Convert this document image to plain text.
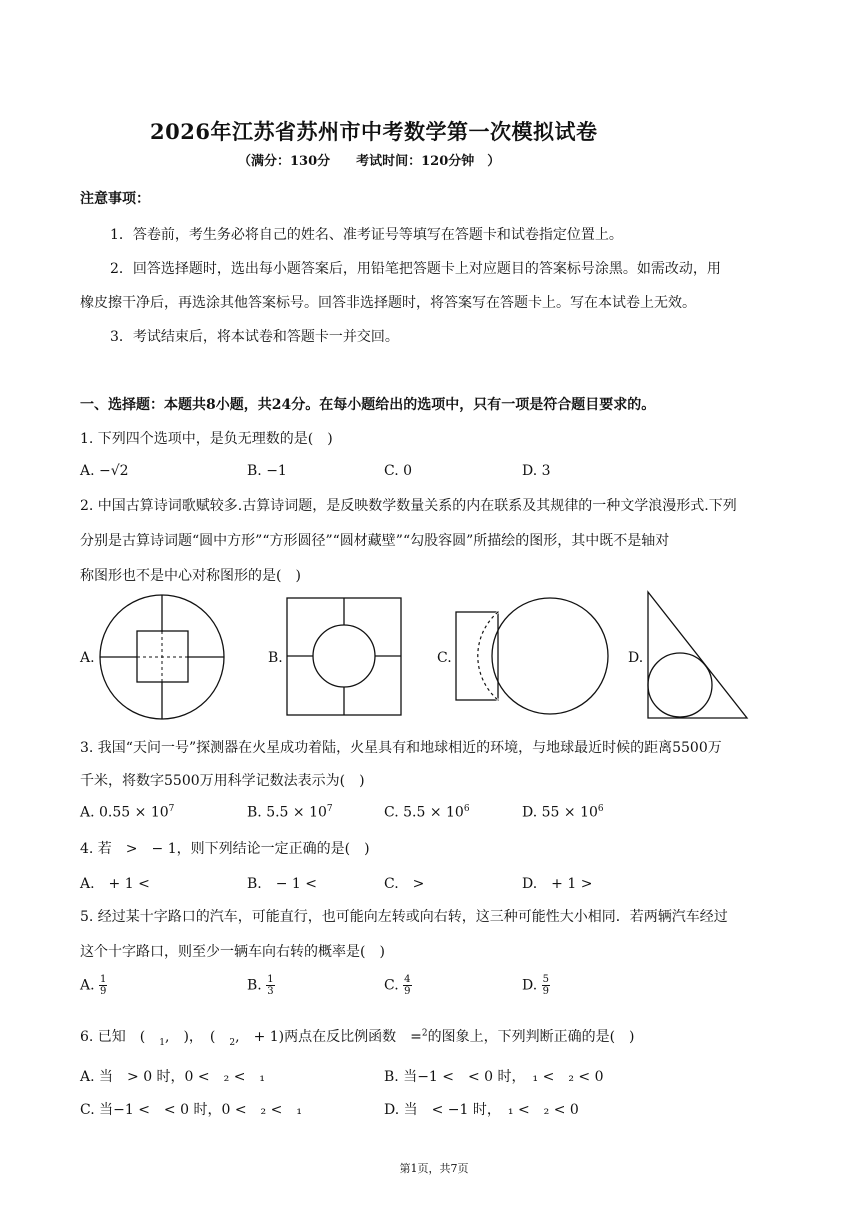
2026年江苏省苏州市中考数学第一次模拟试卷
（满分：130分　　考试时间：120分钟　）
注意事项：
1．答卷前，考生务必将自己的姓名、准考证号等填写在答题卡和试卷指定位置上。
2．回答选择题时，选出每小题答案后，用铅笔把答题卡上对应题目的答案标号涂黑。如需改动，用
橡皮擦干净后，再选涂其他答案标号。回答非选择题时，将答案写在答题卡上。写在本试卷上无效。
3．考试结束后，将本试卷和答题卡一并交回。
一、选择题：本题共8小题，共24分。在每小题给出的选项中，只有一项是符合题目要求的。
1. 下列四个选项中，是负无理数的是(　)
A. −√2	B. −1	C. 0	D. 3
2. 中国古算诗词歌赋较多.古算诗词题，是反映数学数量关系的内在联系及其规律的一种文学浪漫形式.下列
分别是古算诗词题“圆中方形”“方形圆径”“圆材藏壁”“勾股容圆”所描绘的图形，其中既不是轴对
称图形也不是中心对称图形的是(　)
A.	B.	C.	D.
3. 我国“天问一号”探测器在火星成功着陆，火星具有和地球相近的环境，与地球最近时候的距离5500万
千米，将数字5500万用科学记数法表示为(　)
A. $0.55 \times 10^7$	B. $5.5 \times 10^7$	C. $5.5 \times 10^6$	D. $55 \times 10^6$
4. 若　>　− 1，则下列结论一定正确的是(　)
A.　+ 1 <	B.　− 1 <	C.　>	D.　+ 1 >
5. 经过某十字路口的汽车，可能直行，也可能向左转或向右转，这三种可能性大小相同．若两辆汽车经过
这个十字路口，则至少一辆车向右转的概率是(　)
A. $\frac{1}{9}$	B. $\frac{1}{3}$	C. $\frac{4}{9}$	D. $\frac{5}{9}$
6. 已知　(　$_1$,　)，　(　$_2$,　+ 1)两点在反比例函数　=$^2$的图象上，下列判断正确的是(　)
A. 当　> 0 时，0 <　₂ <　₁	B. 当−1 <　< 0 时，　₁ <　₂ < 0
C. 当−1 <　< 0 时，0 <　₂ <　₁	D. 当　< −1 时，　₁ <　₂ < 0
第1页，共7页
